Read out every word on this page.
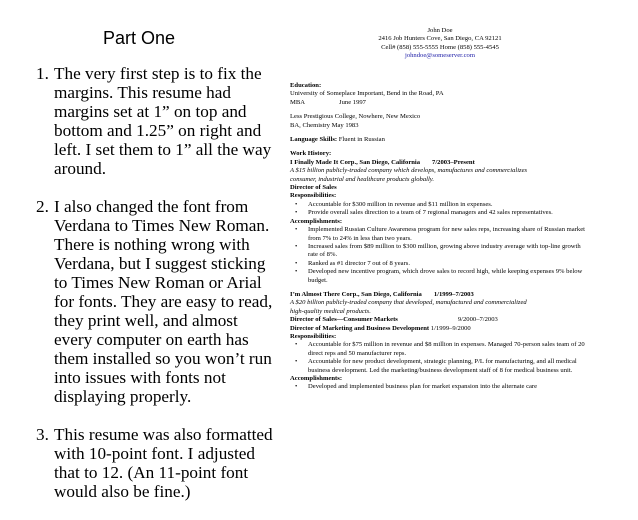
Part One
1. The very first step is to fix the margins. This resume had margins set at 1” on top and bottom and 1.25” on right and left. I set them to 1” all the way around.
2. I also changed the font from Verdana to Times New Roman. There is nothing wrong with Verdana, but I suggest sticking to Times New Roman or Arial for fonts. They are easy to read, they print well, and almost every computer on earth has them installed so you won’t run into issues with fonts not displaying properly.
3. This resume was also formatted with 10-point font. I adjusted that to 12. (An 11-point font would also be fine.)
John Doe
2416 Job Hunters Cove, San Diego, CA 92121
Cell# (858) 555-5555 Home (858) 555-4545
johndoe@someserver.com
Education:
University of Someplace Important, Bend in the Road, PA
MBA	June 1997
Less Prestigious College, Nowhere, New Mexico
BA, Chemistry May 1983
Language Skills: Fluent in Russian
Work History:
I Finally Made It Corp., San Diego, California 7/2003–Present
A $15 billion publicly-traded company which develops, manufactures and commercializes
consumer, industrial and healthcare products globally.
Director of Sales
Responsibilities:
• Accountable for $300 million in revenue and $11 million in expenses.
• Provide overall sales direction to a team of 7 regional managers and 42 sales representatives.
Accomplishments:
• Implemented Russian Culture Awareness program for new sales reps, increasing share of Russian market from 7% to 24% in less than two years.
• Increased sales from $89 million to $300 million, growing above industry average with top-line growth rate of 8%.
• Ranked as #1 director 7 out of 8 years.
• Developed new incentive program, which drove sales to record high, while keeping expenses 9% below budget.
I’m Almost There Corp., San Diego, California 1/1999–7/2003
A $20 billion publicly-traded company that developed, manufactured and commercialized
high-quality medical products.
Director of Sales—Consumer Markets	9/2000–7/2003
Director of Marketing and Business Development 1/1999–9/2000
Responsibilities:
• Accountable for $75 million in revenue and $8 million in expenses. Managed 70-person sales team of 20 direct reps and 50 manufacturer reps.
• Accountable for new product development, strategic planning, P/L for manufacturing, and all medical business development. Led the marketing/business development staff of 8 for medical business unit.
Accomplishments:
• Developed and implemented business plan for market expansion into the alternate care
